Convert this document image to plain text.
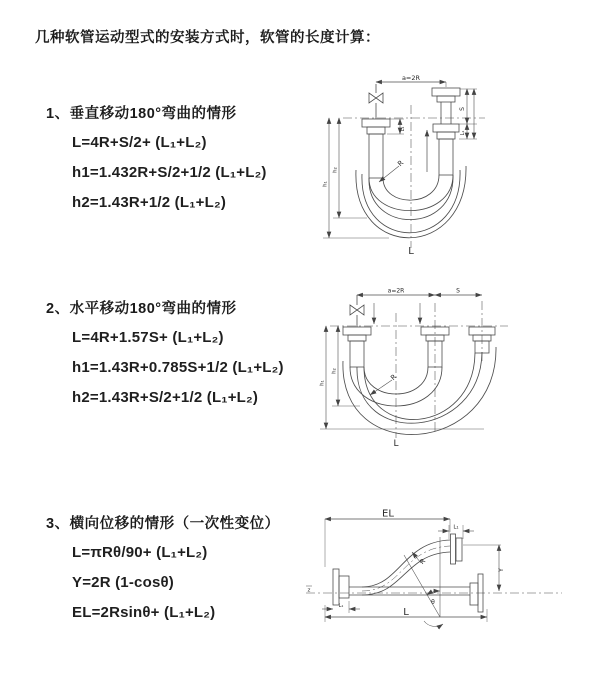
几种软管运动型式的安装方式时，软管的长度计算：
1、垂直移动180°弯曲的情形

L=4R+S/2+ (L₁+L₂)

h1=1.432R+S/2+1/2 (L₁+L₂)

h2=1.43R+1/2 (L₁+L₂)

2、水平移动180°弯曲的情形

L=4R+1.57S+ (L₁+L₂)

h1=1.43R+0.785S+1/2 (L₁+L₂)

h2=1.43R+S/2+1/2 (L₁+L₂)

3、横向位移的情形（一次性变位）

L=πRθ/90+ (L₁+L₂)

Y=2R (1-cosθ)

EL=2Rsinθ+ (L₁+L₂)

a=2R
L₁
S
L₁
R
h₁
h₂
L
a=2R	S
R
h₁
h₂
L
z
EL
L₁
Y
R
θ
L
L₁
